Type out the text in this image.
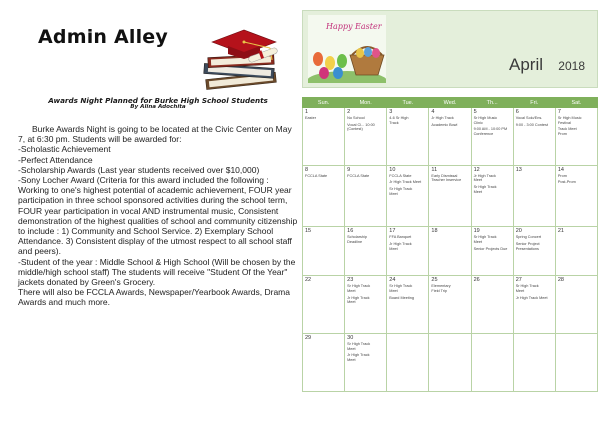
Admin Alley
Awards Night Planned for Burke High School Students
By Alina Adochita

Burke Awards Night is going to be located at the Civic Center on May 7, at 6:30 pm. Students will be awarded for:

-Scholastic Achievement

-Perfect Attendance

-Scholarship Awards (Last year students received over $10,000)

-Sony Locher Award (Criteria for this award included the following : Working to one's highest potential of academic achievement, FOUR year participation in three school sponsored activities during the school term, FOUR year participation in vocal AND instrumental music, Consistent demonstration of the highest qualities of school and community citizenship to include : 1) Community and School Service. 2) Exemplary School Attendance. 3) Consistent display of the utmost respect to all school staff and peers).

-Student of the year : Middle School & High School (Will be chosen by the middle/high school staff) The students will receive "Student Of the Year" jackets donated by Green's Grocery.

There will also be FCCLA Awards, Newspaper/Yearbook Awards, Drama Awards and much more.

Happy Easter
April 2018
Sun.	Mon.	Tue.	Wed.	Th...	Fri.	Sat.

1
Easter	2
No School
Vocal Cl... 10:00 (Contest)	3
4-6 Sr High
Track	4
Jr High Track
Academic Bowl	5
Sr High Music
Clinic
9:00 AM - 10:00 PM Conference	6
Vocal Solo/Ens.
9:00 - 3:00 Contest	7
Sr High Music
Festival
Track Meet
Prom

8
FCCLA State	9
FCCLA State	10
FCCLA State
Jr High Track Meet
Sr High Track
Meet	11
Early Dismissal
Teacher Inservice	12
Jr High Track
Meet
Sr High Track
Meet	13	14
Prom
Post-Prom

15	16
Scholarship
Deadline	17
FFA Banquet
Jr High Track
Meet	18	19
Sr High Track
Meet
Senior Projects Due	20
Spring Concert
Senior Project
Presentations	21

22	23
Sr High Track
Meet
Jr High Track
Meet	24
Sr High Track
Meet
Board Meeting	25
Elementary
Field Trip	26	27
Sr High Track
Meet
Jr High Track Meet	28

29	30
Sr High Track
Meet
Jr High Track
Meet					
